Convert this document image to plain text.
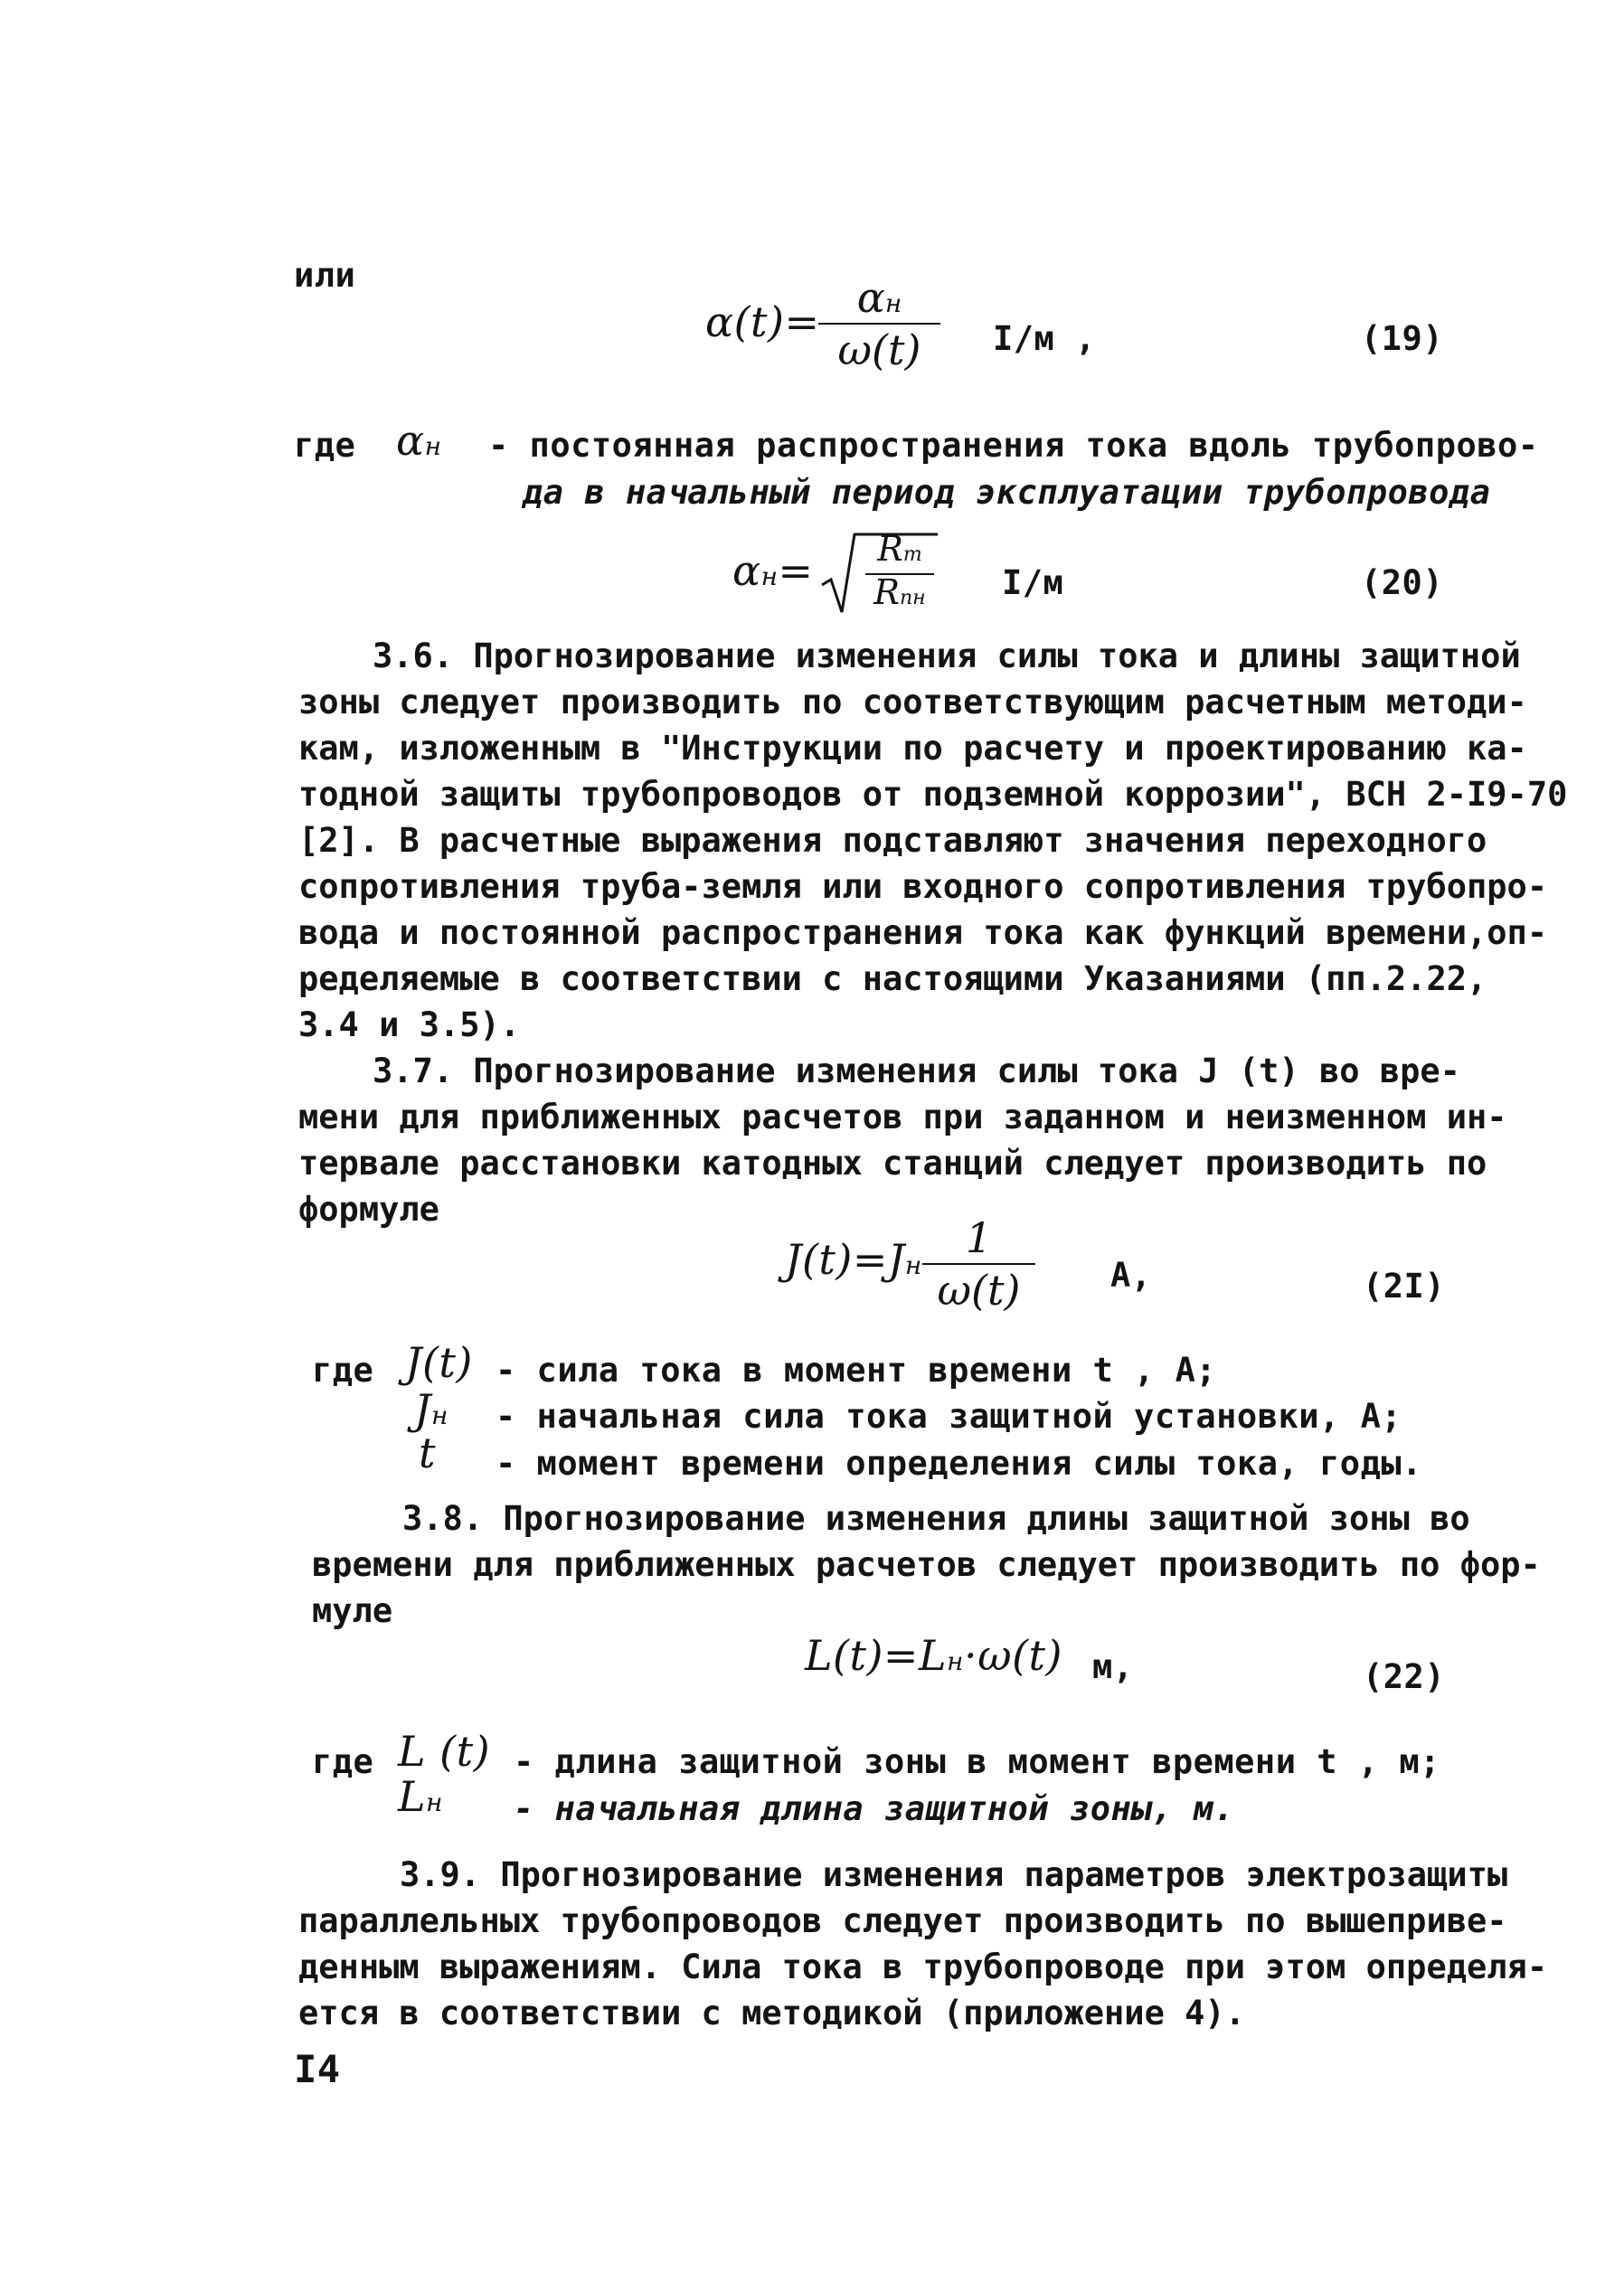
или
α(t)= αн
ω(t)	I/м ,	(19)
где αн - постоянная распространения тока вдоль трубопрово-
да в начальный период эксплуатации трубопровода
αн=	Rт
Rпн	I/м	(20)
3.6. Прогнозирование изменения силы тока и длины защитной
зоны следует производить по соответствующим расчетным методи-
кам, изложенным в "Инструкции по расчету и проектированию ка-
тодной защиты трубопроводов от подземной коррозии", ВСН 2-I9-70
[2]. В расчетные выражения подставляют значения переходного
сопротивления труба-земля или входного сопротивления трубопро-
вода и постоянной распространения тока как функций времени,оп-
ределяемые в соответствии с настоящими Указаниями (пп.2.22,
3.4 и 3.5).
3.7. Прогнозирование изменения силы тока J (t) во вре-
мени для приближенных расчетов при заданном и неизменном ин-
тервале расстановки катодных станций следует производить по
формуле
J(t)=Jн
1
ω(t)	А,	(2I)
где J(t) - сила тока в момент времени t , А;
Jн - начальная сила тока защитной установки, А;
t - момент времени определения силы тока, годы.
3.8. Прогнозирование изменения длины защитной зоны во
времени для приближенных расчетов следует производить по фор-
муле
L(t)=Lн·ω(t) м,	(22)
где L (t) - длина защитной зоны в момент времени t , м;
Lн - начальная длина защитной зоны, м.
3.9. Прогнозирование изменения параметров электрозащиты
параллельных трубопроводов следует производить по вышеприве-
денным выражениям. Сила тока в трубопроводе при этом определя-
ется в соответствии с методикой (приложение 4).
I4
